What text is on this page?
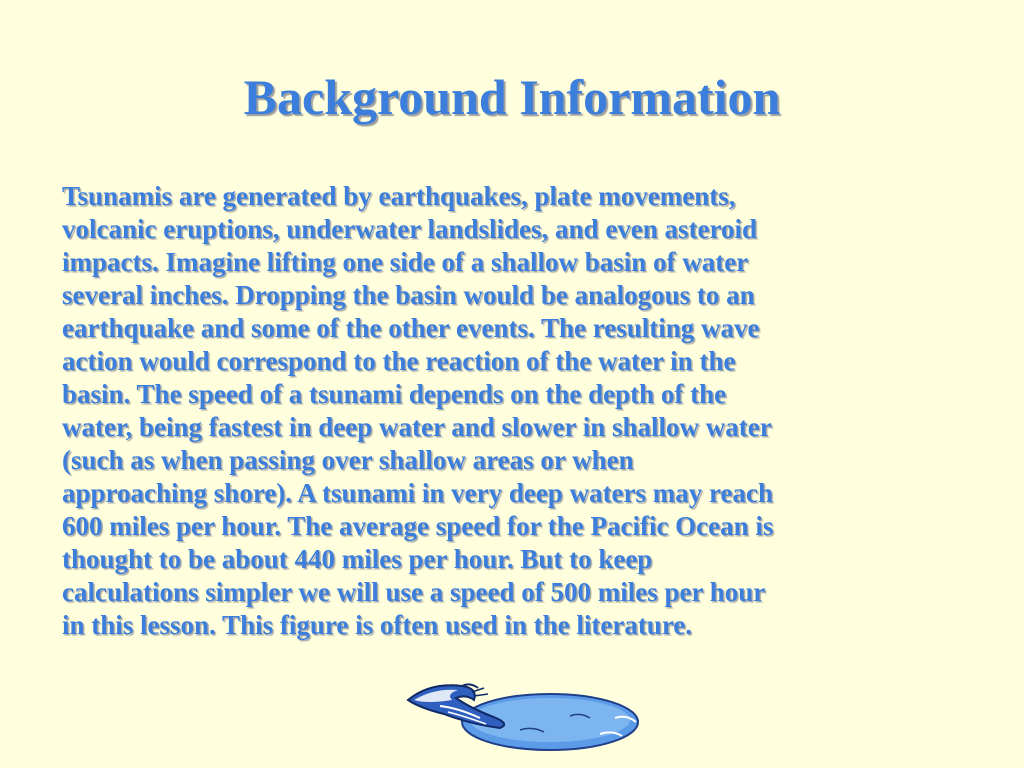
Background Information
Tsunamis are generated by earthquakes, plate movements,
volcanic eruptions, underwater landslides, and even asteroid
impacts. Imagine lifting one side of a shallow basin of water
several inches. Dropping the basin would be analogous to an
earthquake and some of the other events. The resulting wave
action would correspond to the reaction of the water in the
basin. The speed of a tsunami depends on the depth of the
water, being fastest in deep water and slower in shallow water
(such as when passing over shallow areas or when
approaching shore). A tsunami in very deep waters may reach
600 miles per hour. The average speed for the Pacific Ocean is
thought to be about 440 miles per hour. But to keep
calculations simpler we will use a speed of 500 miles per hour
in this lesson. This figure is often used in the literature.
